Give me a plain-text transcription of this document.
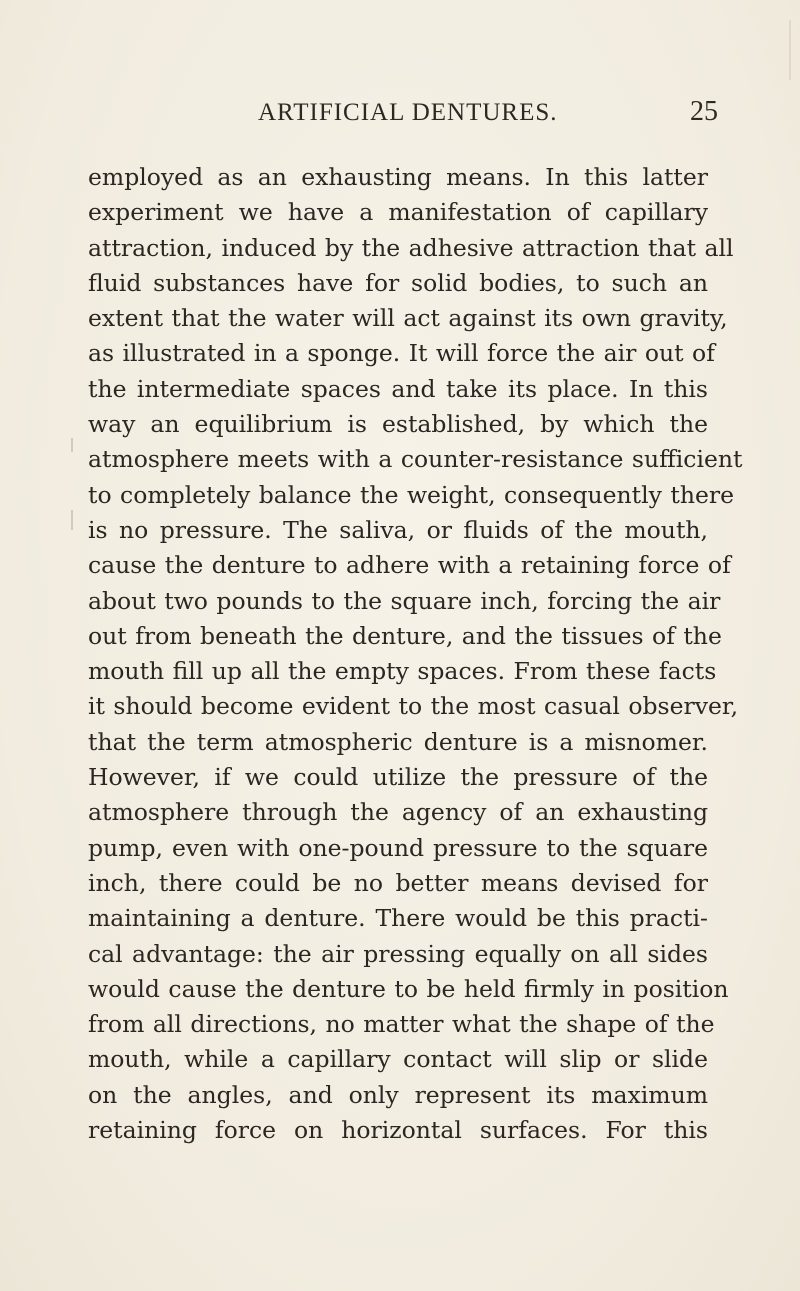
ARTIFICIAL DENTURES.	25
employed as an exhausting means. In this latter
experiment we have a manifestation of capillary
attraction, induced by the adhesive attraction that all
fluid substances have for solid bodies, to such an
extent that the water will act against its own gravity,
as illustrated in a sponge. It will force the air out of
the intermediate spaces and take its place. In this
way an equilibrium is established, by which the
atmosphere meets with a counter-resistance sufficient
to completely balance the weight, consequently there
is no pressure. The saliva, or fluids of the mouth,
cause the denture to adhere with a retaining force of
about two pounds to the square inch, forcing the air
out from beneath the denture, and the tissues of the
mouth fill up all the empty spaces. From these facts
it should become evident to the most casual observer,
that the term atmospheric denture is a misnomer.
However, if we could utilize the pressure of the
atmosphere through the agency of an exhausting
pump, even with one-pound pressure to the square
inch, there could be no better means devised for
maintaining a denture. There would be this practi-
cal advantage: the air pressing equally on all sides
would cause the denture to be held firmly in position
from all directions, no matter what the shape of the
mouth, while a capillary contact will slip or slide
on the angles, and only represent its maximum
retaining force on horizontal surfaces. For this
